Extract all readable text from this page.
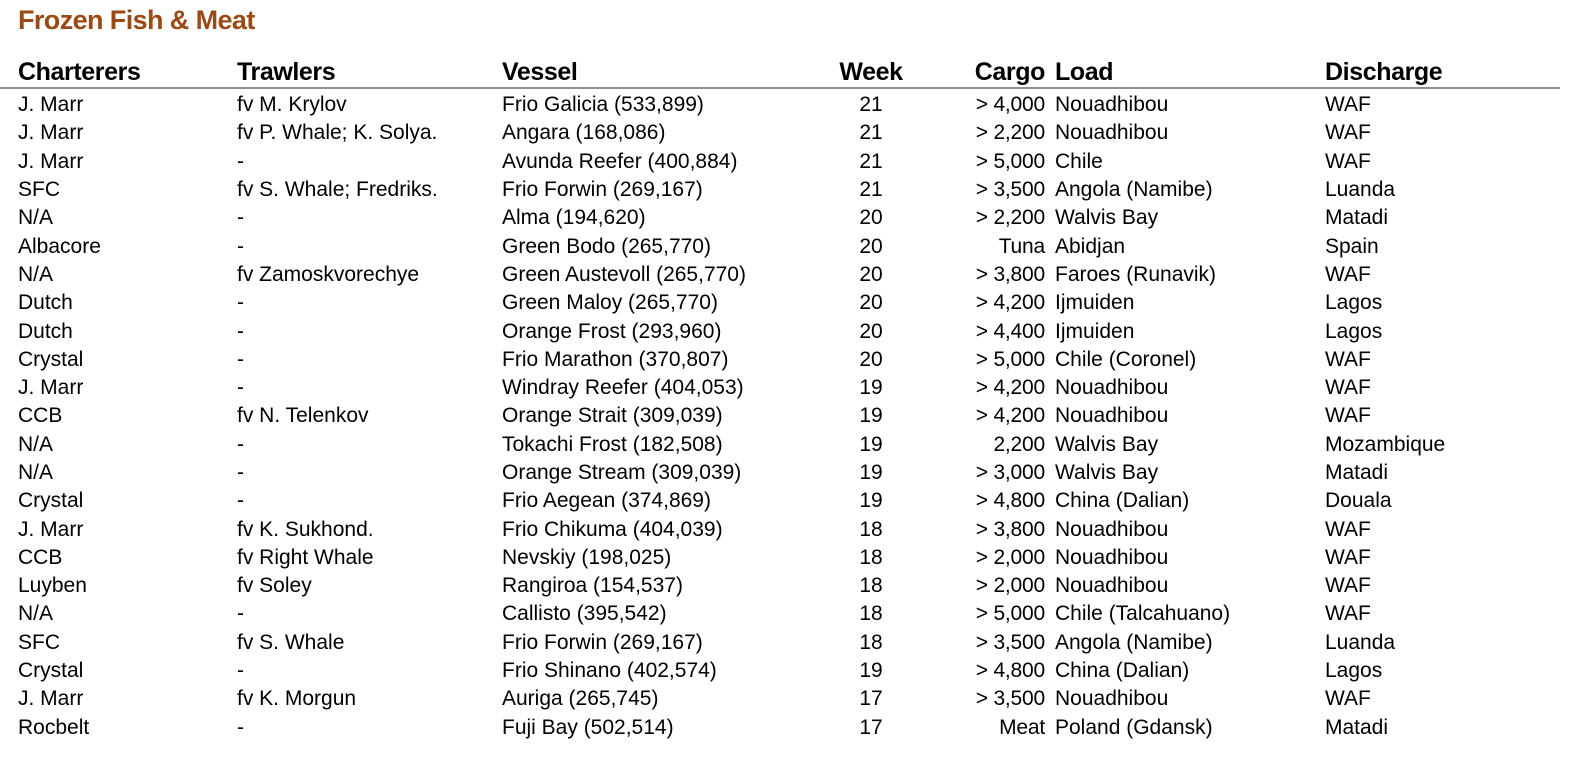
Frozen Fish & Meat
Charterers	Trawlers	Vessel	Week	Cargo	Load	Discharge
J. Marr	fv M. Krylov	Frio Galicia (533,899)	21	> 4,000	Nouadhibou	WAF
J. Marr	fv P. Whale; K. Solya.	Angara (168,086)	21	> 2,200	Nouadhibou	WAF
J. Marr	-	Avunda Reefer (400,884)	21	> 5,000	Chile	WAF
SFC	fv S. Whale; Fredriks.	Frio Forwin (269,167)	21	> 3,500	Angola (Namibe)	Luanda
N/A	-	Alma (194,620)	20	> 2,200	Walvis Bay	Matadi
Albacore	-	Green Bodo (265,770)	20	Tuna	Abidjan	Spain
N/A	fv Zamoskvorechye	Green Austevoll (265,770)	20	> 3,800	Faroes (Runavik)	WAF
Dutch	-	Green Maloy (265,770)	20	> 4,200	Ijmuiden	Lagos
Dutch	-	Orange Frost (293,960)	20	> 4,400	Ijmuiden	Lagos
Crystal	-	Frio Marathon (370,807)	20	> 5,000	Chile (Coronel)	WAF
J. Marr	-	Windray Reefer (404,053)	19	> 4,200	Nouadhibou	WAF
CCB	fv N. Telenkov	Orange Strait (309,039)	19	> 4,200	Nouadhibou	WAF
N/A	-	Tokachi Frost (182,508)	19	2,200	Walvis Bay	Mozambique
N/A	-	Orange Stream (309,039)	19	> 3,000	Walvis Bay	Matadi
Crystal	-	Frio Aegean (374,869)	19	> 4,800	China (Dalian)	Douala
J. Marr	fv K. Sukhond.	Frio Chikuma (404,039)	18	> 3,800	Nouadhibou	WAF
CCB	fv Right Whale	Nevskiy (198,025)	18	> 2,000	Nouadhibou	WAF
Luyben	fv Soley	Rangiroa (154,537)	18	> 2,000	Nouadhibou	WAF
N/A	-	Callisto (395,542)	18	> 5,000	Chile (Talcahuano)	WAF
SFC	fv S. Whale	Frio Forwin (269,167)	18	> 3,500	Angola (Namibe)	Luanda
Crystal	-	Frio Shinano (402,574)	19	> 4,800	China (Dalian)	Lagos
J. Marr	fv K. Morgun	Auriga (265,745)	17	> 3,500	Nouadhibou	WAF
Rocbelt	-	Fuji Bay (502,514)	17	Meat	Poland (Gdansk)	Matadi
